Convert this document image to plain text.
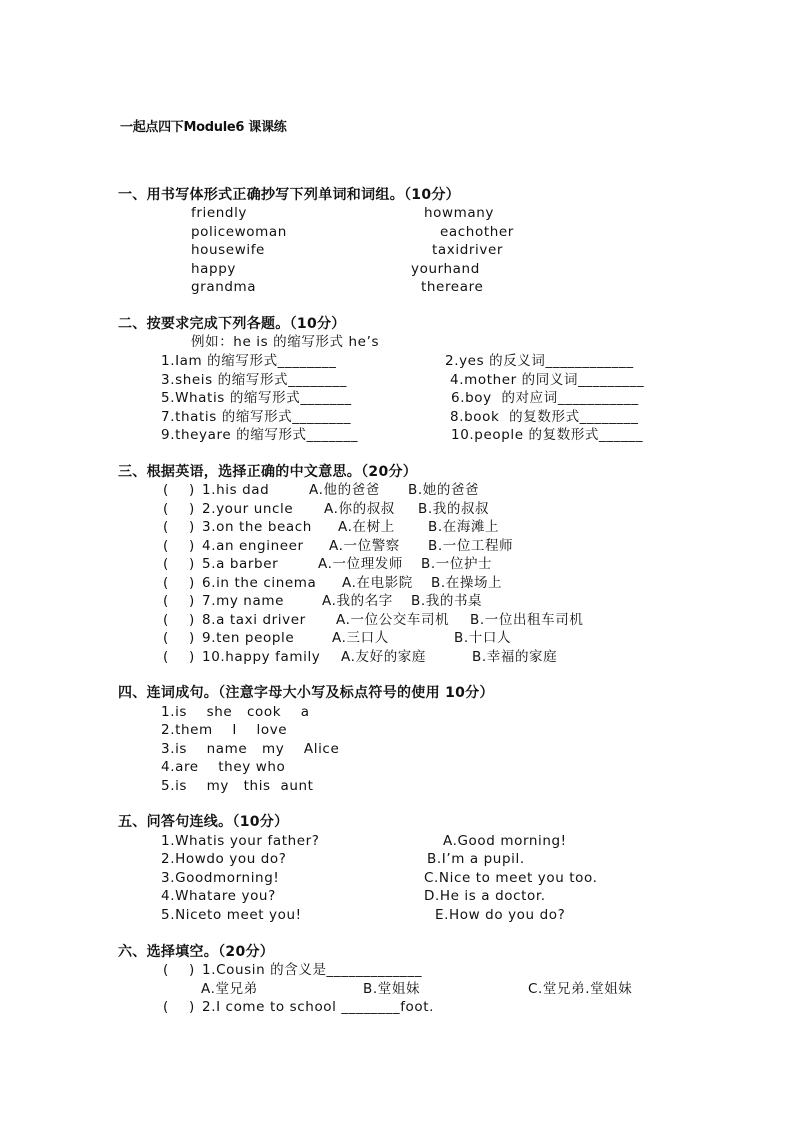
一起点四下Module6 课课练
一、用书写体形式正确抄写下列单词和词组。（10分）
friendly	howmany
policewoman	eachother
housewife	taxidriver
happy	yourhand
grandma	thereare
二、按要求完成下列各题。（10分）
例如：he is 的缩写形式 he’s
1.Iam 的缩写形式________	2.yes 的反义词____________
3.sheis 的缩写形式________	4.mother 的同义词_________
5.Whatis 的缩写形式_______	6.boy  的对应词___________
7.thatis 的缩写形式________	8.book  的复数形式________
9.theyare 的缩写形式_______	10.people 的复数形式______
三、根据英语，选择正确的中文意思。（20分）
( ) 1.his dad	A.他的爸爸 B.她的爸爸
( ) 2.your uncle A.你的叔叔 B.我的叔叔
( ) 3.on the beach A.在树上 B.在海滩上
( ) 4.an engineer A.一位警察 B.一位工程师
( ) 5.a barber	A.一位理发师 B.一位护士
( ) 6.in the cinema A.在电影院 B.在操场上
( ) 7.my name	A.我的名字 B.我的书桌
( ) 8.a taxi driver A.一位公交车司机 B.一位出租车司机
( ) 9.ten people	A.三口人	B.十口人
( ) 10.happy family A.友好的家庭	B.幸福的家庭
四、连词成句。（注意字母大小写及标点符号的使用 10分）
1.is    she   cook    a
2.them    I    love
3.is    name   my    Alice
4.are    they who
5.is    my   this  aunt
五、问答句连线。（10分）
1.Whatis your father?	A.Good morning!
2.Howdo you do?	B.I’m a pupil.
3.Goodmorning!	C.Nice to meet you too.
4.Whatare you?	D.He is a doctor.
5.Niceto meet you!	E.How do you do?
六、选择填空。（20分）
( ) 1.Cousin 的含义是_____________
A.堂兄弟	B.堂姐妹	C.堂兄弟.堂姐妹
( ) 2.I come to school ________foot.
